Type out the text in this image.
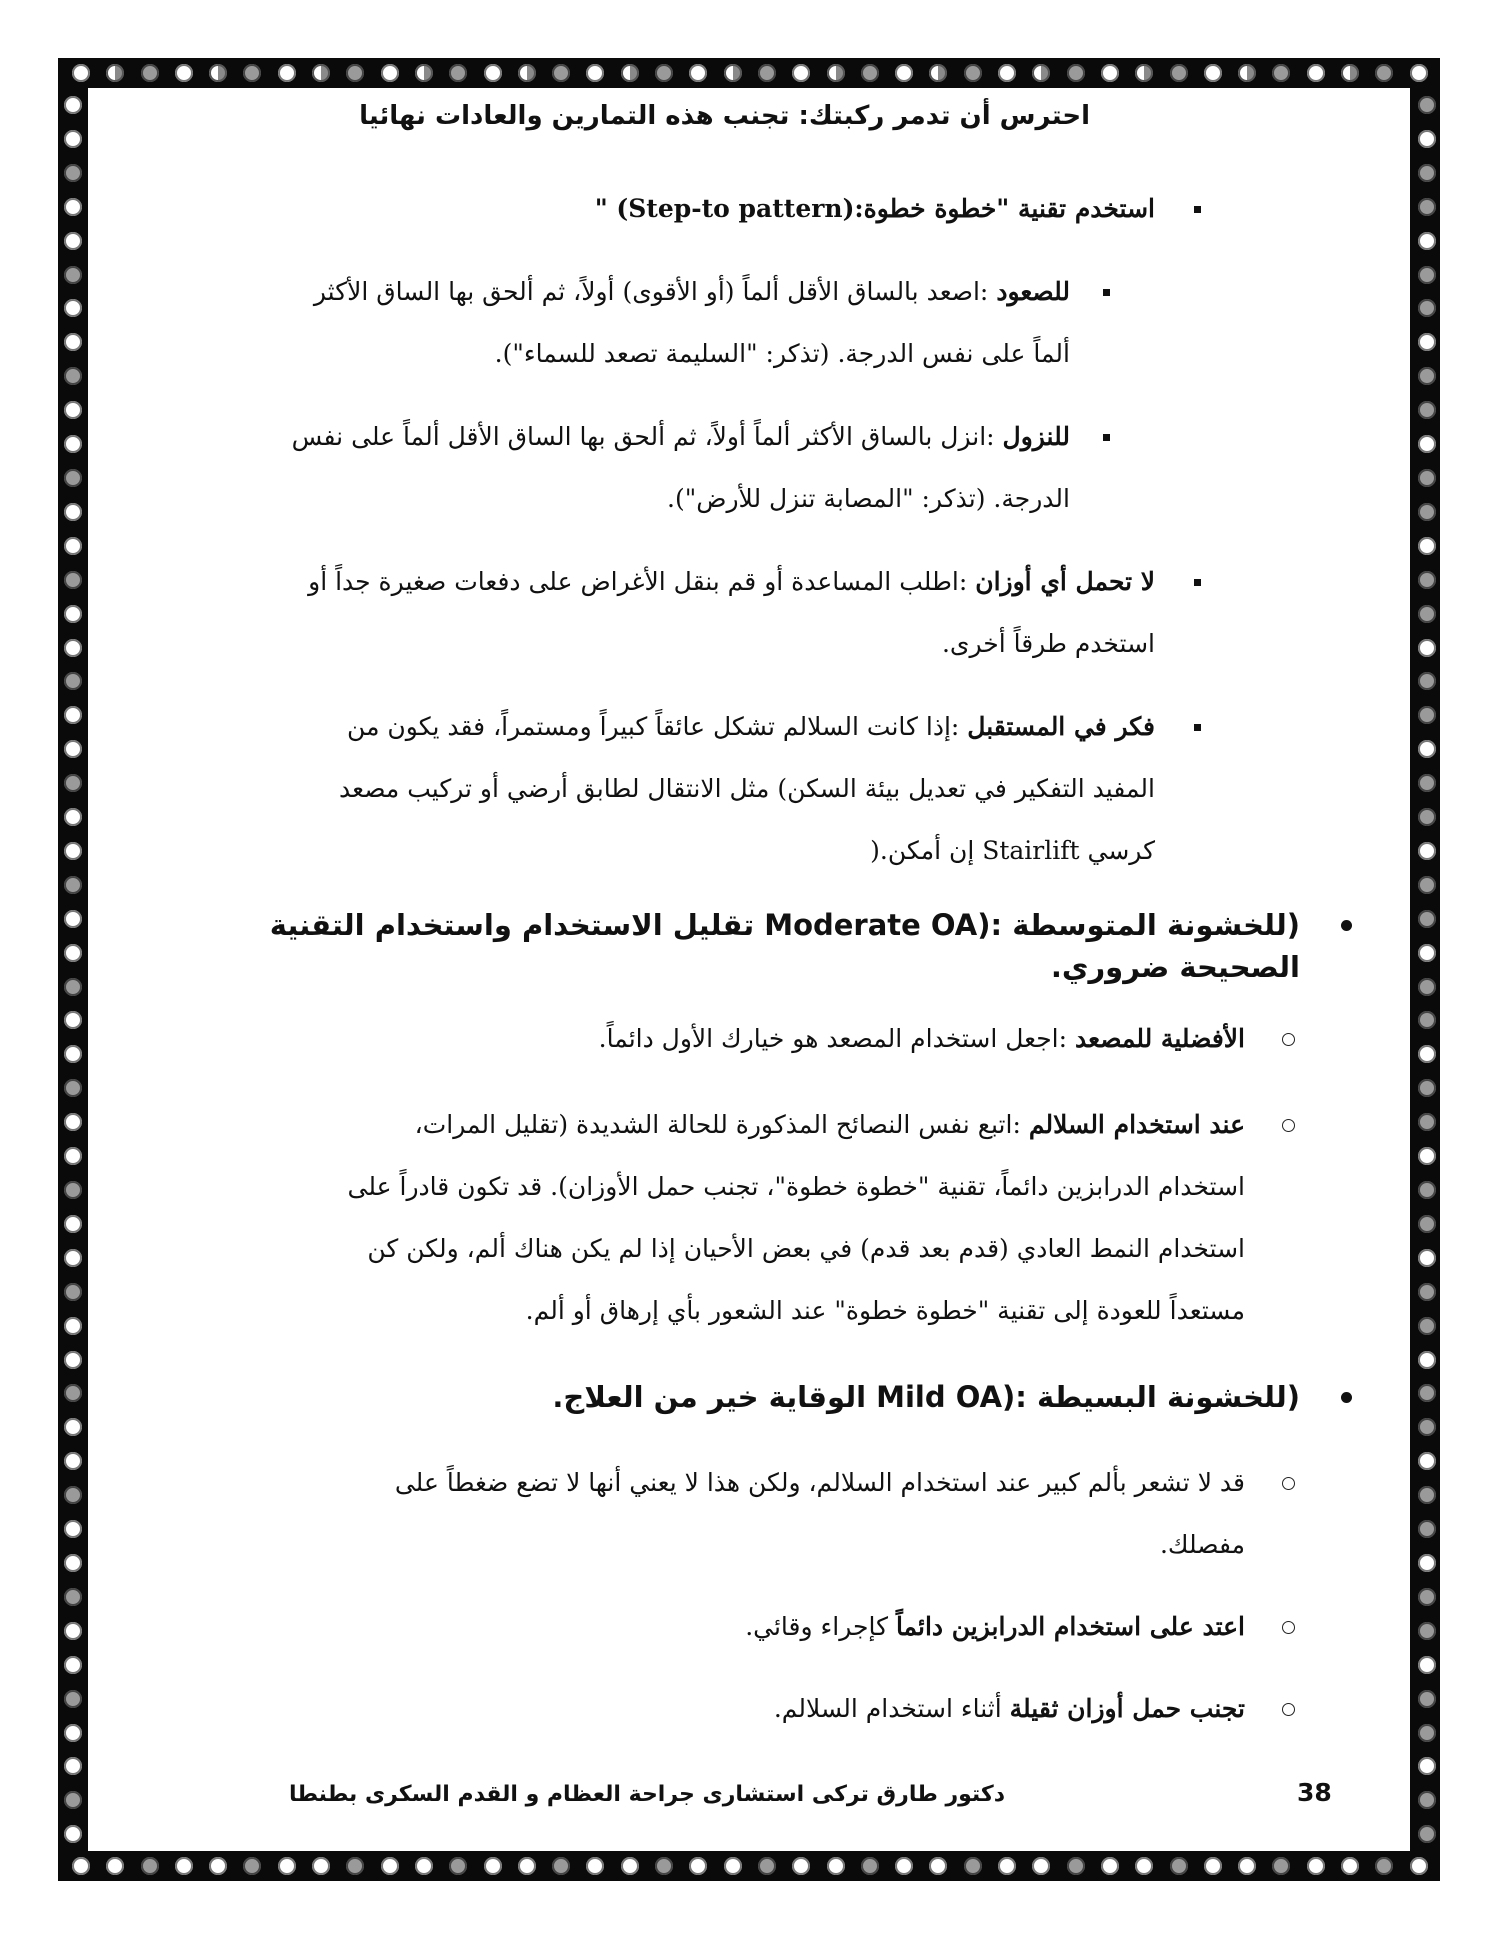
احترس أن تدمر ركبتك: تجنب هذه التمارين والعادات نهائيا
استخدم تقنية "خطوة خطوة:(Step-to pattern) "
للصعود :اصعد بالساق الأقل ألماً (أو الأقوى) أولاً، ثم ألحق بها الساق الأكثر ألماً على نفس الدرجة. (تذكر: "السليمة تصعد للسماء").
للنزول :انزل بالساق الأكثر ألماً أولاً، ثم ألحق بها الساق الأقل ألماً على نفس الدرجة. (تذكر: "المصابة تنزل للأرض").
لا تحمل أي أوزان :اطلب المساعدة أو قم بنقل الأغراض على دفعات صغيرة جداً أو استخدم طرقاً أخرى.
فكر في المستقبل :إذا كانت السلالم تشكل عائقاً كبيراً ومستمراً، فقد يكون من المفيد التفكير في تعديل بيئة السكن) مثل الانتقال لطابق أرضي أو تركيب مصعد كرسي Stairlift إن أمكن.(
(للخشونة المتوسطة :(Moderate OA تقليل الاستخدام واستخدام التقنية الصحيحة ضروري.
الأفضلية للمصعد :اجعل استخدام المصعد هو خيارك الأول دائماً.
عند استخدام السلالم :اتبع نفس النصائح المذكورة للحالة الشديدة (تقليل المرات، استخدام الدرابزين دائماً، تقنية "خطوة خطوة"، تجنب حمل الأوزان). قد تكون قادراً على استخدام النمط العادي (قدم بعد قدم) في بعض الأحيان إذا لم يكن هناك ألم، ولكن كن مستعداً للعودة إلى تقنية "خطوة خطوة" عند الشعور بأي إرهاق أو ألم.
(للخشونة البسيطة :(Mild OA الوقاية خير من العلاج.
قد لا تشعر بألم كبير عند استخدام السلالم، ولكن هذا لا يعني أنها لا تضع ضغطاً على مفصلك.
اعتد على استخدام الدرابزين دائماً كإجراء وقائي.
تجنب حمل أوزان ثقيلة أثناء استخدام السلالم.
دكتور طارق تركى استشارى جراحة العظام و القدم السكرى بطنطا	38
